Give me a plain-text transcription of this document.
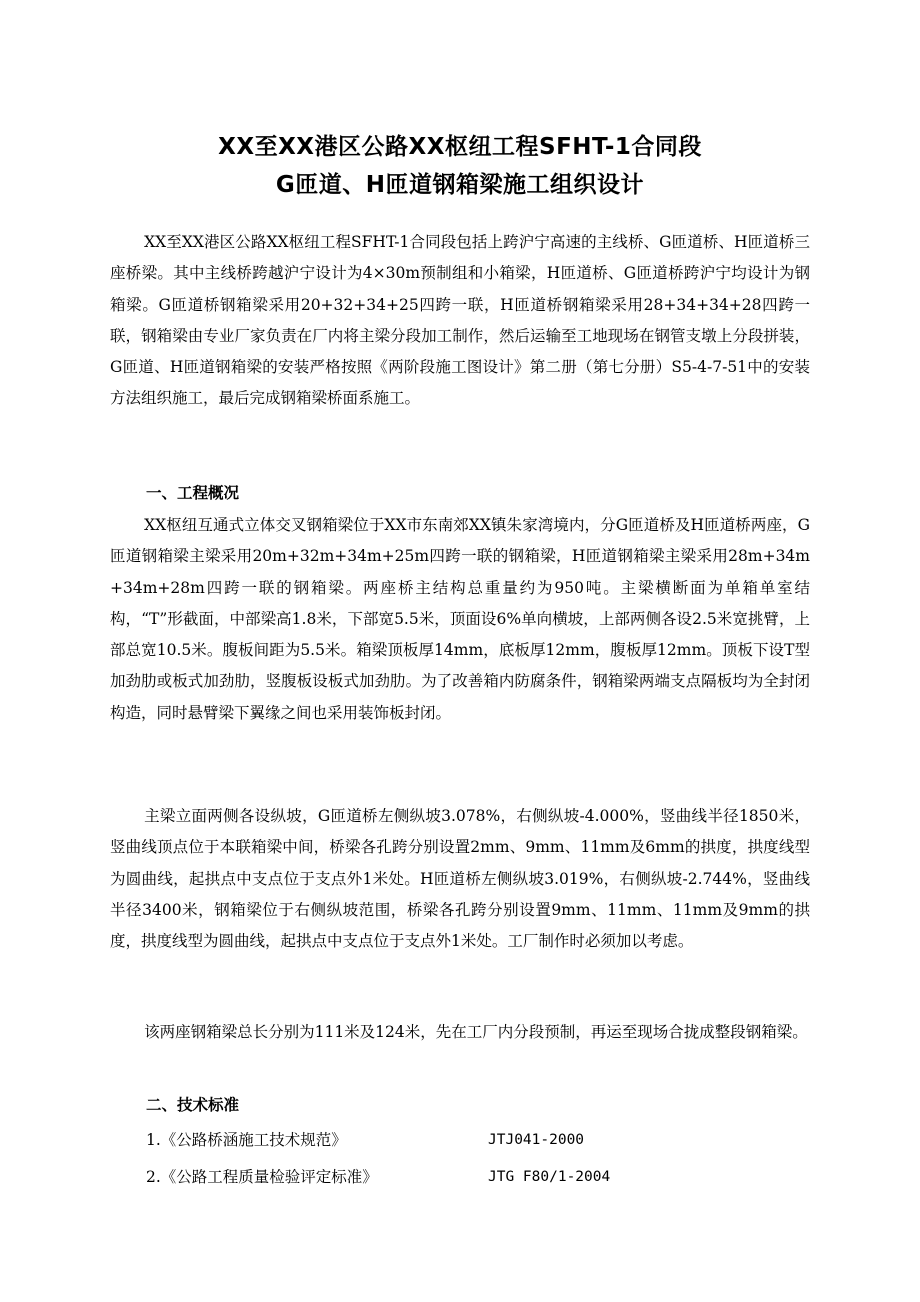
XX至XX港区公路XX枢纽工程SFHT-1合同段
G匝道、H匝道钢箱梁施工组织设计
XX至XX港区公路XX枢纽工程SFHT-1合同段包括上跨沪宁高速的主线桥、G匝道桥、H匝道桥三座桥梁。其中主线桥跨越沪宁设计为4×30m预制组和小箱梁，H匝道桥、G匝道桥跨沪宁均设计为钢箱梁。G匝道桥钢箱梁采用20+32+34+25四跨一联，H匝道桥钢箱梁采用28+34+34+28四跨一联，钢箱梁由专业厂家负责在厂内将主梁分段加工制作，然后运输至工地现场在钢管支墩上分段拼装， G匝道、H匝道钢箱梁的安装严格按照《两阶段施工图设计》第二册（第七分册）S5-4-7-51中的安装方法组织施工，最后完成钢箱梁桥面系施工。
一、工程概况
XX枢纽互通式立体交叉钢箱梁位于XX市东南郊XX镇朱家湾境内，分G匝道桥及H匝道桥两座，G匝道钢箱梁主梁采用20m+32m+34m+25m四跨一联的钢箱梁，H匝道钢箱梁主梁采用28m+34m+34m+28m四跨一联的钢箱梁。两座桥主结构总重量约为950吨。主梁横断面为单箱单室结构，“T”形截面，中部梁高1.8米，下部宽5.5米，顶面设6%单向横坡，上部两侧各设2.5米宽挑臂，上部总宽10.5米。腹板间距为5.5米。箱梁顶板厚14mm，底板厚12mm，腹板厚12mm。顶板下设T型加劲肋或板式加劲肋，竖腹板设板式加劲肋。为了改善箱内防腐条件，钢箱梁两端支点隔板均为全封闭构造，同时悬臂梁下翼缘之间也采用装饰板封闭。
主梁立面两侧各设纵坡，G匝道桥左侧纵坡3.078%，右侧纵坡-4.000%，竖曲线半径1850米，竖曲线顶点位于本联箱梁中间，桥梁各孔跨分别设置2mm、9mm、11mm及6mm的拱度，拱度线型为圆曲线，起拱点中支点位于支点外1米处。H匝道桥左侧纵坡3.019%，右侧纵坡-2.744%，竖曲线半径3400米，钢箱梁位于右侧纵坡范围，桥梁各孔跨分别设置9mm、11mm、11mm及9mm的拱度，拱度线型为圆曲线，起拱点中支点位于支点外1米处。工厂制作时必须加以考虑。
该两座钢箱梁总长分别为111米及124米，先在工厂内分段预制，再运至现场合拢成整段钢箱梁。
二、技术标准
1.《公路桥涵施工技术规范》	JTJ041-2000
2.《公路工程质量检验评定标准》	JTG F80/1-2004
